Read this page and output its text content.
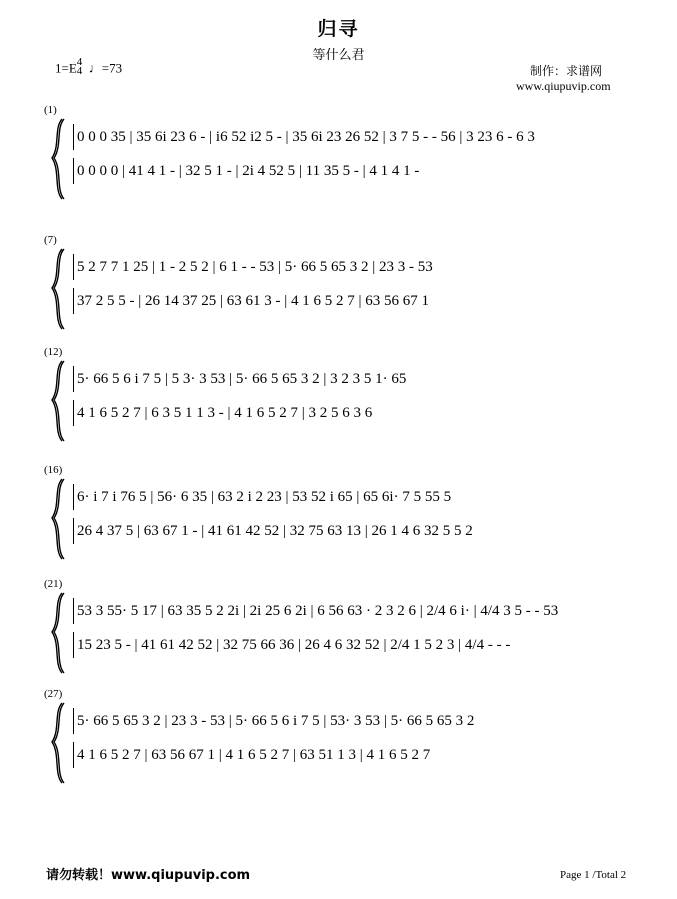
归寻
等什么君
1=E4
4 ♩=73	制作：求谱网
www.qiupuvip.com
(1)
0 0 0 35 | 35 6i 23 6 - | i6 52 i2 5 - | 35 6i 23 26 52 | 3 7 5 - - 56 | 3 23 6 - 6 3
0 0 0 0 | 41 4 1 - | 32 5 1 - | 2i 4 52 5 | 11 35 5 - | 4 1 4 1 -
(7)
5 2 7 7 1 25 | 1 - 2 5 2 | 6 1 - - 53 | 5· 66 5 65 3 2 | 23 3 - 53
37 2 5 5 - | 26 14 37 25 | 63 61 3 - | 4 1 6 5 2 7 | 63 56 67 1
(12)
5· 66 5 6 i 7 5 | 5 3· 3 53 | 5· 66 5 65 3 2 | 3 2 3 5 1· 65
4 1 6 5 2 7 | 6 3 5 1 1 3 - | 4 1 6 5 2 7 | 3 2 5 6 3 6
(16)
6· i 7 i 76 5 | 56· 6 35 | 63 2 i 2 23 | 53 52 i 65 | 65 6i· 7 5 55 5
26 4 37 5 | 63 67 1 - | 41 61 42 52 | 32 75 63 13 | 26 1 4 6 32 5 5 2
(21)
53 3 55· 5 17 | 63 35 5 2 2i | 2i 25 6 2i | 6 56 63 · 2 3 2 6 | 2/4 6 i· | 4/4 3 5 - - 53
15 23 5 - | 41 61 42 52 | 32 75 66 36 | 26 4 6 32 52 | 2/4 1 5 2 3 | 4/4 - - -
(27)
5· 66 5 65 3 2 | 23 3 - 53 | 5· 66 5 6 i 7 5 | 53· 3 53 | 5· 66 5 65 3 2
4 1 6 5 2 7 | 63 56 67 1 | 4 1 6 5 2 7 | 63 51 1 3 | 4 1 6 5 2 7
请勿转载！www.qiupuvip.com	Page 1 /Total 2
